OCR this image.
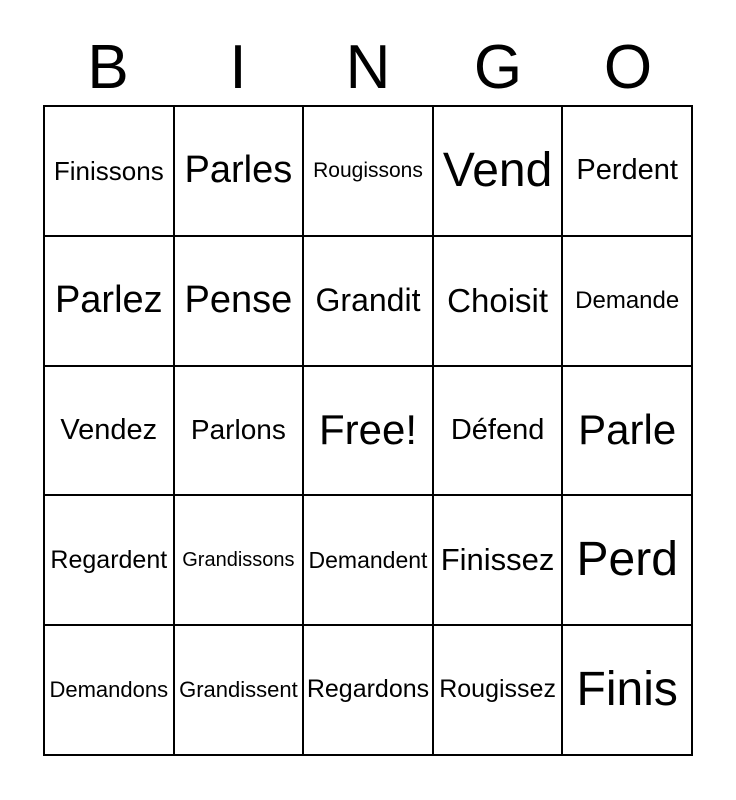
B	I	N	G	O
Finissons Parles Rougissons Vend Perdent
Parlez Pense Grandit Choisit	Demande
Vendez	Parlons Free!	Défend Parle
Regardent Grandissons Demandent Finissez Perd
Demandons Grandissent Regardons Rougissez Finis
